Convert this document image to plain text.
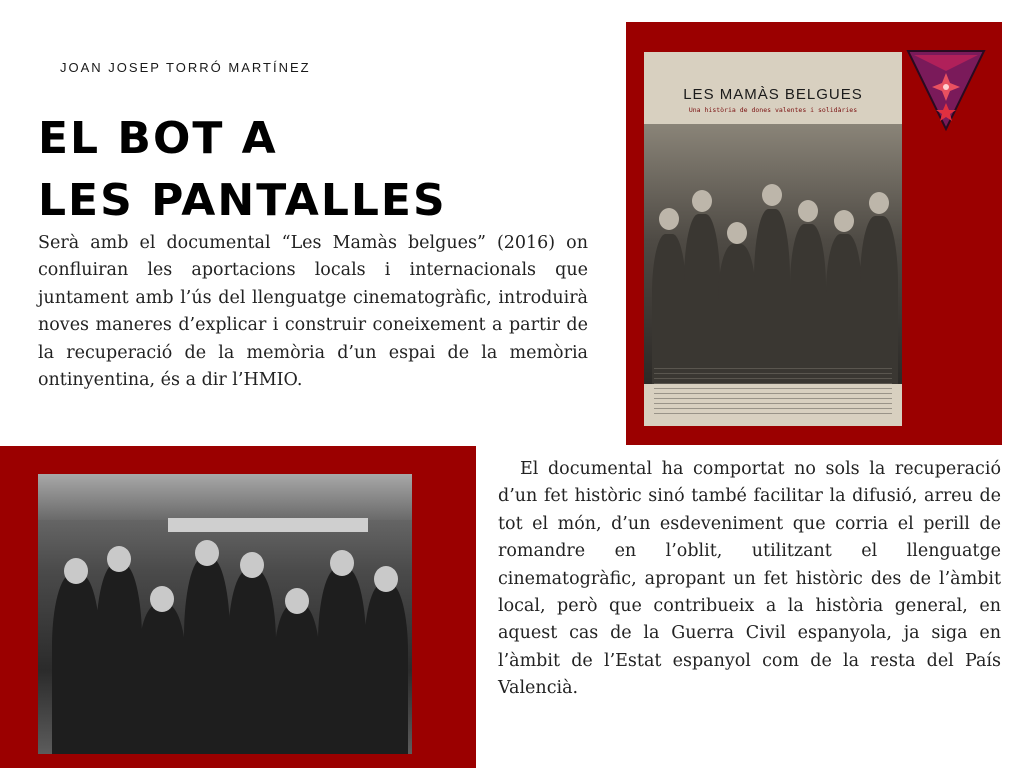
JOAN JOSEP TORRÓ MARTÍNEZ
EL BOT A
LES PANTALLES

Serà amb el documental “Les Mamàs belgues” (2016) on confluiran les aportacions locals i internacionals que juntament amb l’ús del llenguatge cinematogràfic, introduirà noves maneres d’explicar i construir coneixement a partir de la recuperació de la memòria d’un espai de la memòria ontinyentina, és a dir l’HMIO.

LES MAMÀS BELGUES
Una història de dones valentes i solidàries

El documental ha comportat no sols la recuperació d’un fet històric sinó també facilitar la difusió, arreu de tot el món, d’un esdeveniment que corria el perill de romandre en l’oblit, utilitzant el llenguatge cinematogràfic, apropant un fet històric des de l’àmbit local, però que contribueix a la història general, en aquest cas de la Guerra Civil espanyola, ja siga en l’àmbit de l’Estat espanyol com de la resta del País Valencià.
